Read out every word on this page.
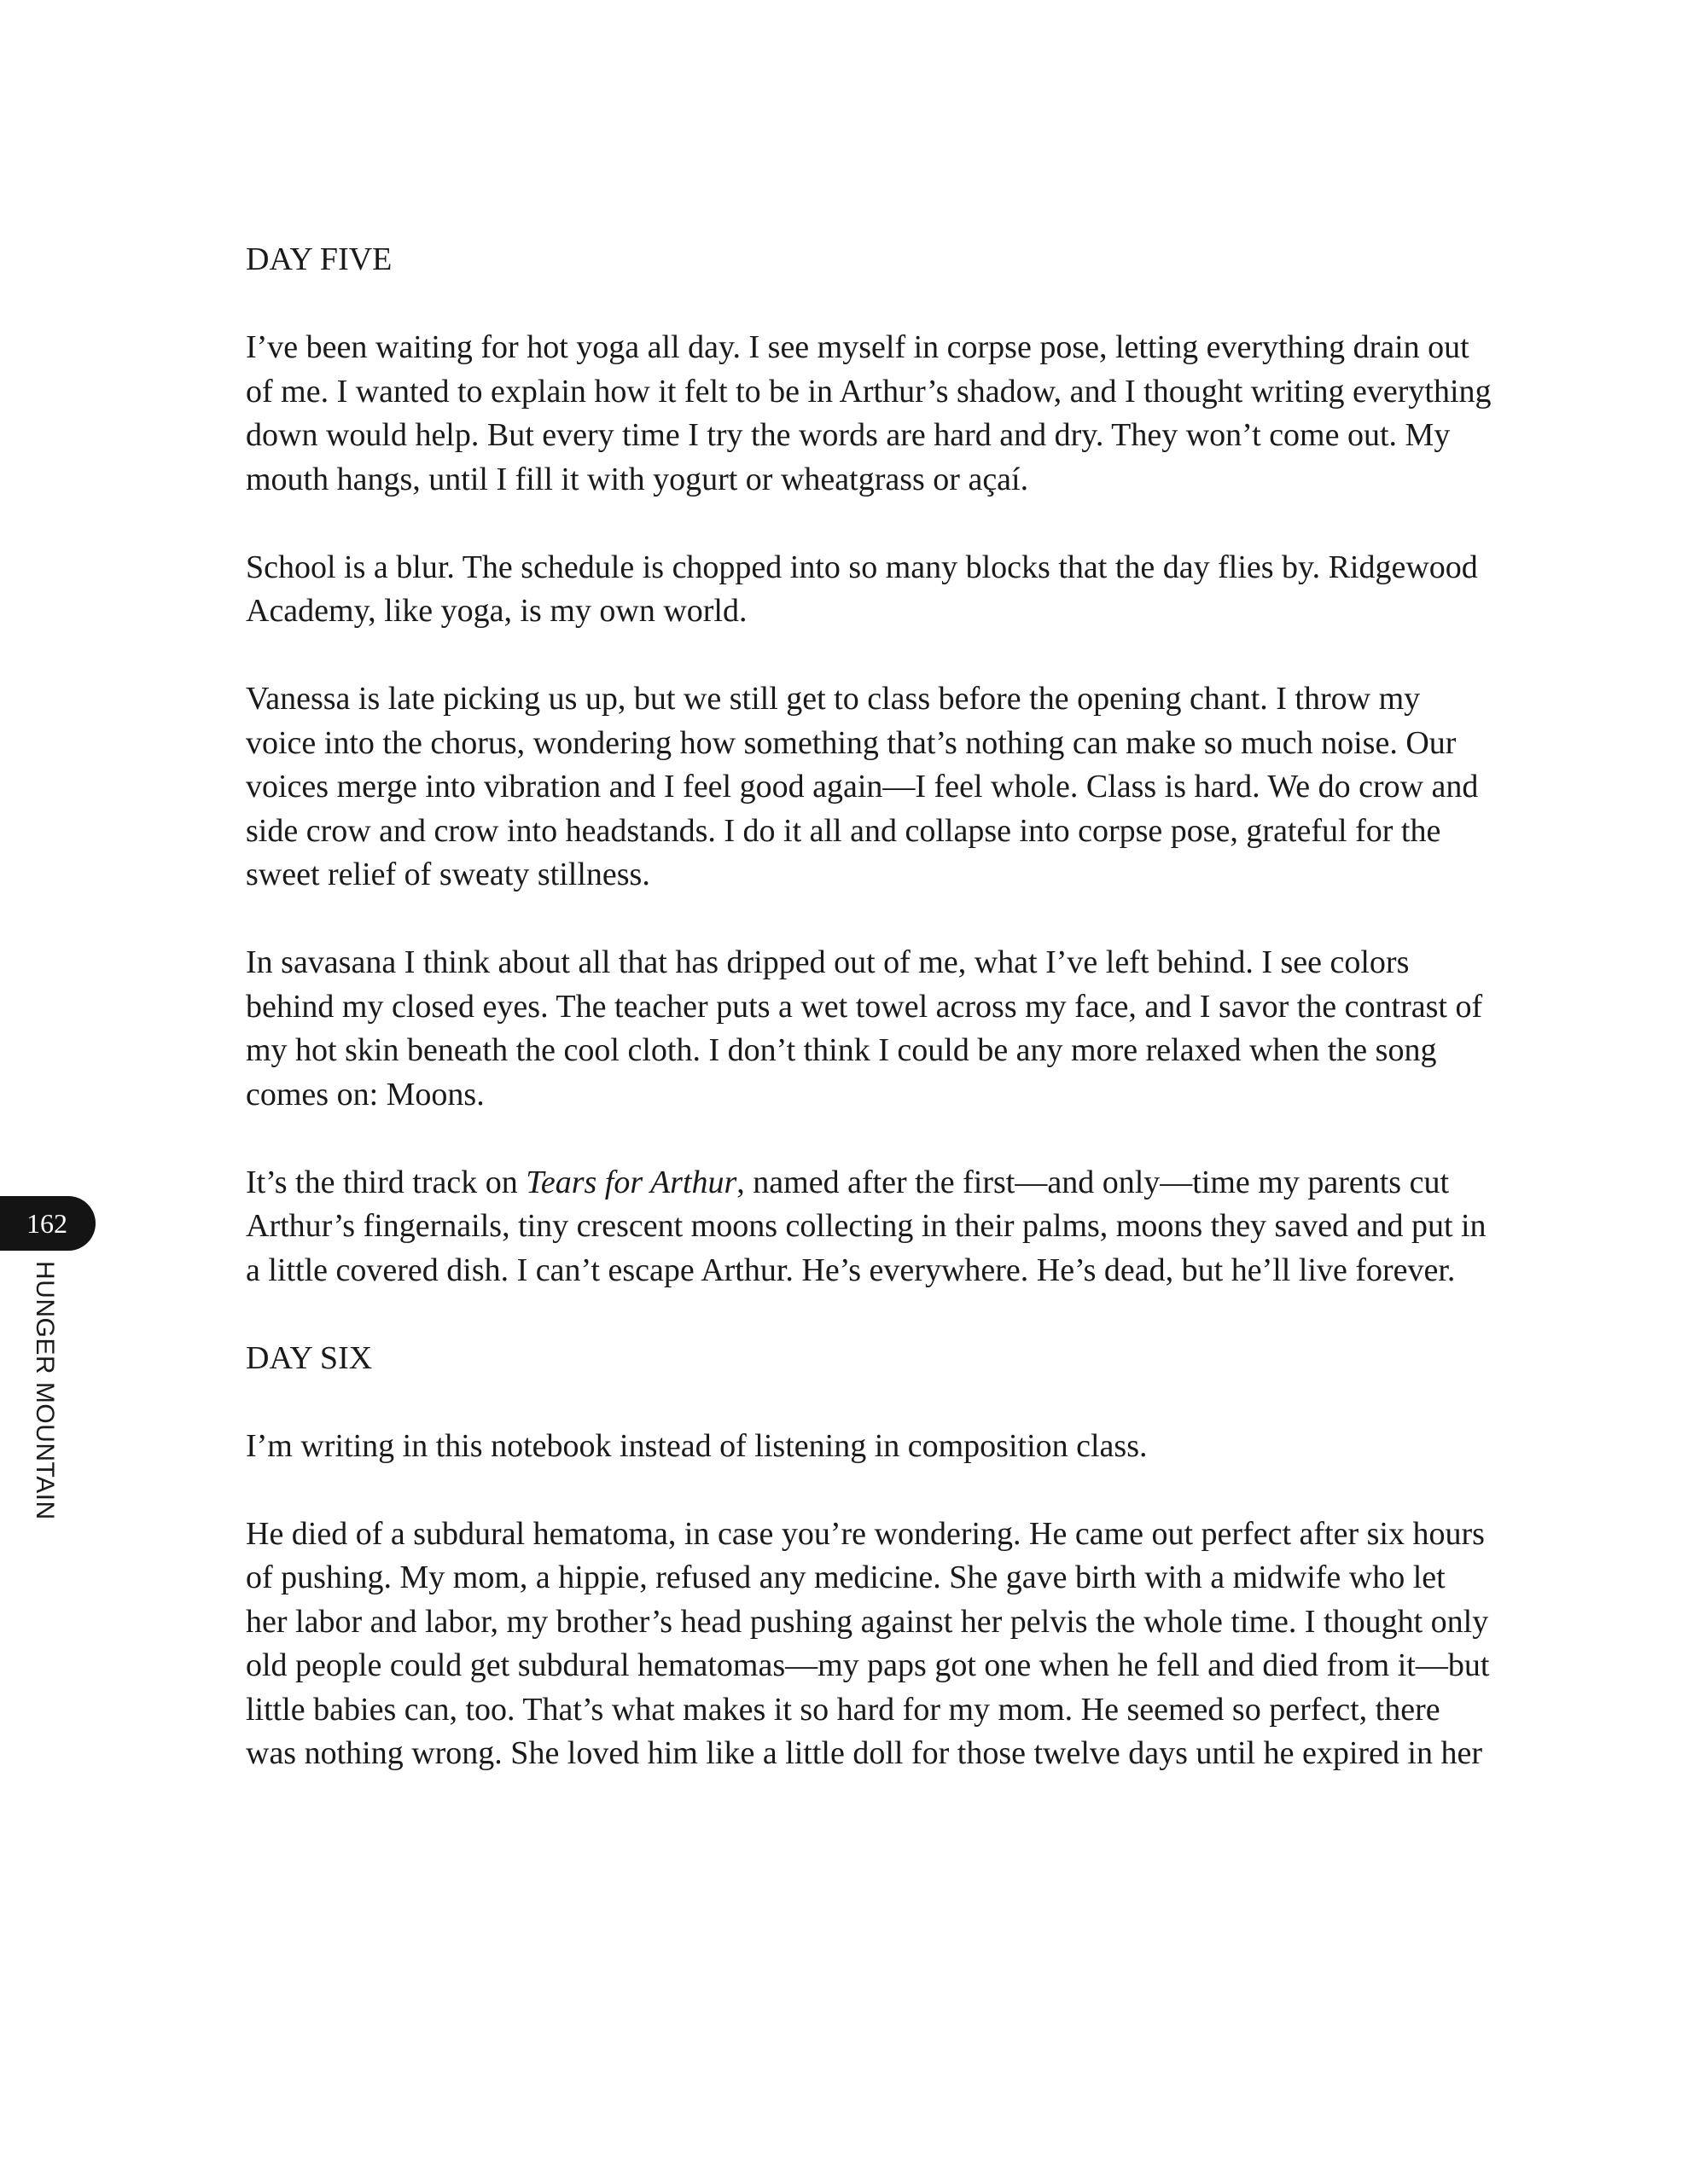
DAY FIVE

I’ve been waiting for hot yoga all day. I see myself in corpse pose, letting everything drain out of me. I wanted to explain how it felt to be in Arthur’s shadow, and I thought writing everything down would help. But every time I try the words are hard and dry. They won’t come out. My mouth hangs, until I fill it with yogurt or wheatgrass or açaí.

School is a blur. The schedule is chopped into so many blocks that the day flies by. Ridgewood Academy, like yoga, is my own world.

Vanessa is late picking us up, but we still get to class before the opening chant. I throw my voice into the chorus, wondering how something that’s nothing can make so much noise. Our voices merge into vibration and I feel good again—I feel whole. Class is hard. We do crow and side crow and crow into headstands. I do it all and collapse into corpse pose, grateful for the sweet relief of sweaty stillness.

In savasana I think about all that has dripped out of me, what I’ve left behind. I see colors behind my closed eyes. The teacher puts a wet towel across my face, and I savor the contrast of my hot skin beneath the cool cloth. I don’t think I could be any more relaxed when the song comes on: Moons.

It’s the third track on Tears for Arthur, named after the first—and only—time my parents cut Arthur’s fingernails, tiny crescent moons collecting in their palms, moons they saved and put in a little covered dish. I can’t escape Arthur. He’s everywhere. He’s dead, but he’ll live forever.

DAY SIX

I’m writing in this notebook instead of listening in composition class.

He died of a subdural hematoma, in case you’re wondering. He came out perfect after six hours of pushing. My mom, a hippie, refused any medicine. She gave birth with a midwife who let her labor and labor, my brother’s head pushing against her pelvis the whole time. I thought only old people could get subdural hematomas—my paps got one when he fell and died from it—but little babies can, too. That’s what makes it so hard for my mom. He seemed so perfect, there was nothing wrong. She loved him like a little doll for those twelve days until he expired in her

162
HUNGER MOUNTAIN
